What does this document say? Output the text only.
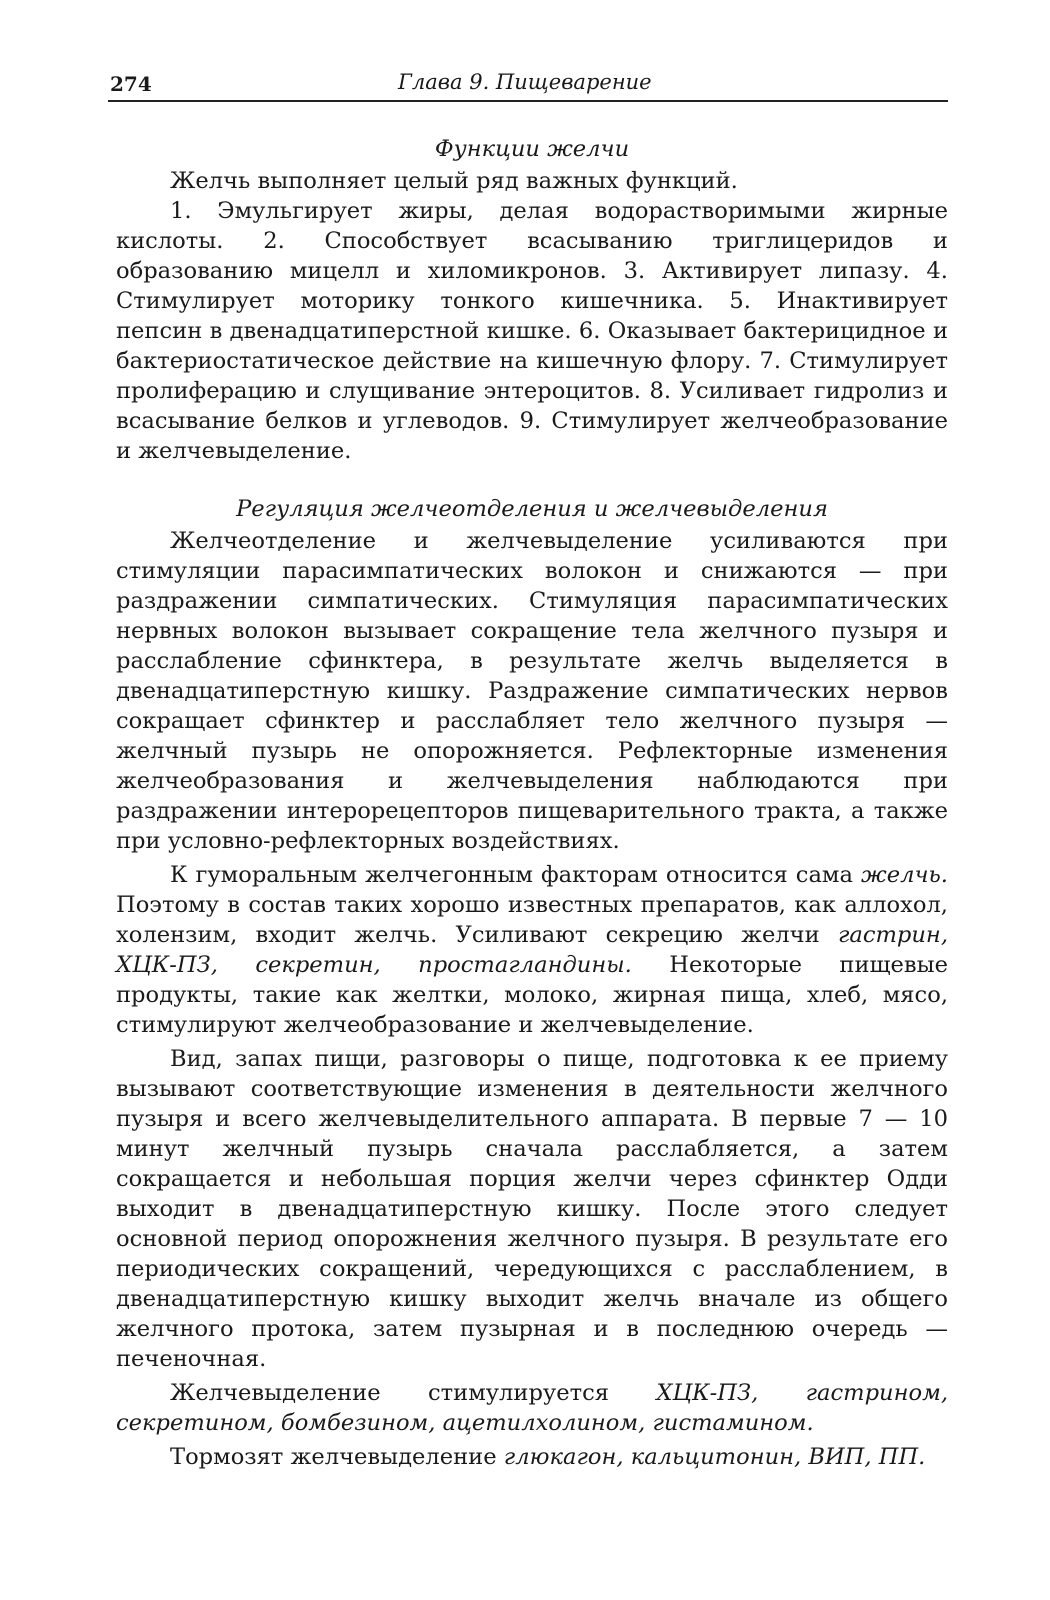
274	Глава 9. Пищеварение

Функции желчи

Желчь выполняет целый ряд важных функций.

1. Эмульгирует жиры, делая водорастворимыми жирные кислоты. 2. Способствует всасыванию триглицеридов и образованию мицелл и хиломикронов. 3. Активирует липазу. 4. Стимулирует моторику тонкого кишечника. 5. Инактивирует пепсин в двенадцатиперстной кишке. 6. Оказывает бактерицидное и бактериостатическое действие на кишечную флору. 7. Стимулирует пролиферацию и слущивание энтероцитов. 8. Усиливает гидролиз и всасывание белков и углеводов. 9. Стимулирует желчеобразование и желчевыделение.

Регуляция желчеотделения и желчевыделения

Желчеотделение и желчевыделение усиливаются при стимуляции парасимпатических волокон и снижаются — при раздражении симпатических. Стимуляция парасимпатических нервных волокон вызывает сокращение тела желчного пузыря и расслабление сфинктера, в результате желчь выделяется в двенадцатиперстную кишку. Раздражение симпатических нервов сокращает сфинктер и расслабляет тело желчного пузыря — желчный пузырь не опорожняется. Рефлекторные изменения желчеобразования и желчевыделения наблюдаются при раздражении интерорецепторов пищеварительного тракта, а также при условно-рефлекторных воздействиях.

К гуморальным желчегонным факторам относится сама желчь. Поэтому в состав таких хорошо известных препаратов, как аллохол, холензим, входит желчь. Усиливают секрецию желчи гастрин, ХЦК-ПЗ, секретин, простагландины. Некоторые пищевые продукты, такие как желтки, молоко, жирная пища, хлеб, мясо, стимулируют желчеобразование и желчевыделение.

Вид, запах пищи, разговоры о пище, подготовка к ее приему вызывают соответствующие изменения в деятельности желчного пузыря и всего желчевыделительного аппарата. В первые 7 — 10 минут желчный пузырь сначала расслабляется, а затем сокращается и небольшая порция желчи через сфинктер Одди выходит в двенадцатиперстную кишку. После этого следует основной период опорожнения желчного пузыря. В результате его периодических сокращений, чередующихся с расслаблением, в двенадцатиперстную кишку выходит желчь вначале из общего желчного протока, затем пузырная и в последнюю очередь — печеночная.

Желчевыделение стимулируется ХЦК-ПЗ, гастрином, секретином, бомбезином, ацетилхолином, гистамином.

Тормозят желчевыделение глюкагон, кальцитонин, ВИП, ПП.
